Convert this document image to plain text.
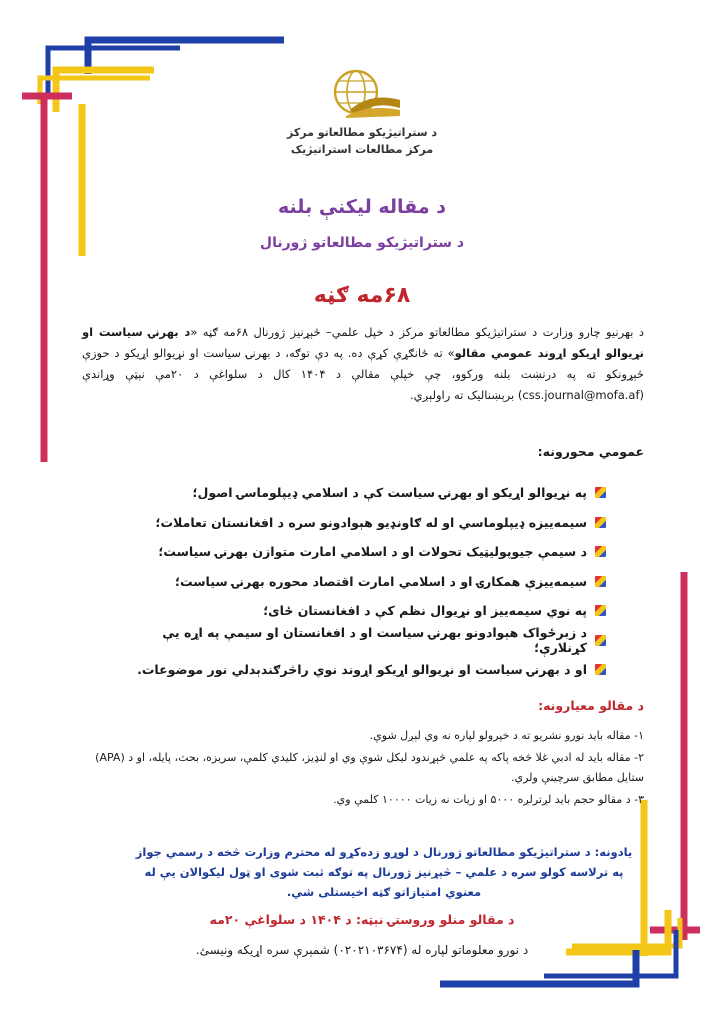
د ستراتيژيکو مطالعاتو مرکز
مرکز مطالعات استراتيژيک
د مقاله ليکنې بلنه
د ستراتيژيکو مطالعاتو ژورنال
۶۸مه ګڼه

د بهرنيو چارو وزارت د ستراتيژيکو مطالعاتو مرکز د خپل علمي– څېړنيز ژورنال ۶۸مه ګڼه «د بهرنۍ سياست او نړيوالو اړيکو اړوند عمومي مقالو» ته ځانګړې کړې ده. په دې توګه، د بهرنۍ سياست او نړيوالو اړيکو د حوزې څېړونکو ته په درنښت بلنه ورکوو، چې خپلې مقالې د ۱۴۰۴ کال د سلواغې د ۲۰مې نېټې وړاندې (css.journal@mofa.af) برېښناليک ته راولېږي.

عمومي محورونه:
په نړيوالو اړيکو او بهرنۍ سياست کې د اسلامي ډيپلوماسۍ اصول؛
سيمه‌ييزه ډيپلوماسي او له ګاونډيو هېوادونو سره د افغانستان تعاملات؛
د سيمې جيوپوليټيک تحولات او د اسلامي امارت متوازن بهرنۍ سياست؛
سيمه‌ييزې همکارۍ او د اسلامي امارت اقتصاد محوره بهرنۍ سياست؛
په نوي سيمه‌ييز او نړيوال نظم کې د افغانستان ځای؛
د زبرځواک هېوادونو بهرنۍ سياست او د افغانستان او سيمې په اړه يې کړنلارې؛
او د بهرنۍ سياست او نړيوالو اړيکو اړوند نوي راڅرګندېدلي نور موضوعات.
د مقالو معيارونه:
۱- مقاله بايد نورو نشريو ته د خپرولو لپاره نه وي لېږل شوې.
۲- مقاله بايد له ادبي غلا څخه پاکه په علمي څېړندود ليکل شوې وي او لنډيز، کليدي کلمې، سريزه، بحث، پايله، او د (APA) ستايل مطابق سرچينې ولري.
۳- د مقالو حجم بايد لږترلږه ۵۰۰۰ او زيات نه زيات ۱۰۰۰۰ کلمې وي.
يادونه: د ستراتيژيکو مطالعاتو ژورنال د لوړو زده‌کړو له محترم وزارت څخه د رسمي جواز په ترلاسه کولو سره د علمي – څېړنيز ژورنال په توګه ثبت شوی او ټول ليکوالان يې له معنوي امتيازاتو ګټه اخيستلی شي.
د مقالو منلو وروستۍ نېټه: د ۱۴۰۴ د سلواغې ۲۰مه
د نورو معلوماتو لپاره له (۰۲۰۲۱۰۳۶۷۴) شمېرې سره اړيکه ونيسئ.
